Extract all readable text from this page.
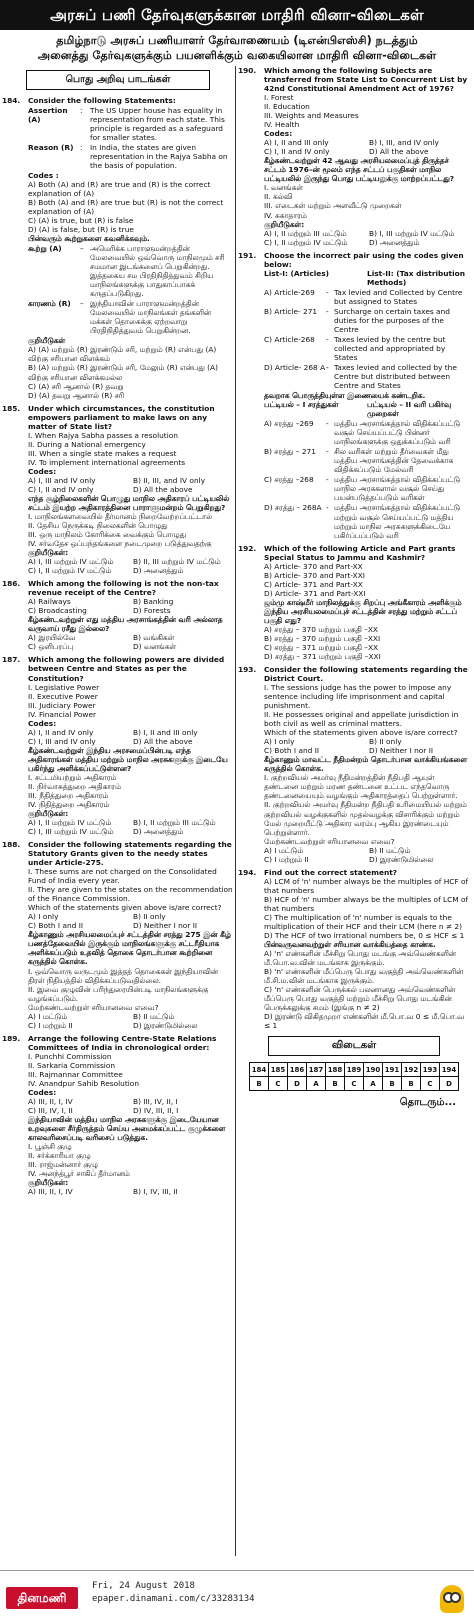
அரசுப் பணி தேர்வுகளுக்கான மாதிரி வினா-விடைகள்
தமிழ்நாடு அரசுப் பணியாளர் தேர்வாணையம் (டிஎன்பிஎஸ்சி) நடத்தும்
அனைத்து தேர்வுகளுக்கும் பயனளிக்கும் வகையிலான மாதிரி வினா-விடைகள்
பொது அறிவு பாடங்கள்
184.	Consider the following Statements:
Assertion (A)
:	The US Upper house has equality in representation from each state. This principle is regarded as a safeguard for smaller states.
Reason (R) :	In India, the states are given representation in the Rajya Sabha on the basis of population.
Codes :
A) Both (A) and (R) are true and (R) is the correct explanation of (A)
B) Both (A) and (R) are true but (R) is not the correct explanation of (A)
C) (A) is true, but (R) is false
D) (A) is false, but (R) is true
பின்வரும் கூற்றுகளை கவனிக்கவும்.
கூற்று (A)	– அமெரிக்க பாராளுமன்றத்தின் மேலவையில் ஒவ்வொரு மாநிலமும் சரி சமமான இடங்களைப் பெறுகின்றது. இத்தகைய சம பிரதிநிதித்துவம் சிறிய மாநிலங்களுக்கு பாதுகாப்பாகக் கருதப்படுகிறது.
காரணம் (R)	– இந்தியாவின் பாராளுமன்றத்தின் மேலவையில் மாநிலங்கள் தங்களின் மக்கள் தொகைக்கு ஏற்றவாறு பிரதிநிதித்துவம் பெறுகின்றன.
குறியீடுகள்
A) (A) மற்றும் (R) இரண்டும் சரி, மற்றும் (R) என்பது (A) விற்கு சரியான விளக்கம்
B) (A) மற்றும் (R) இரண்டும் சரி, மேலும் (R) என்பது (A) விற்கு சரியான விளக்கமல்ல
C) (A) சரி ஆனால் (R) தவறு
D) (A) தவறு ஆனால் (R) சரி
185.	Under which circumstances, the constitution empowers parliament to make laws on any matter of State list?
I. When Rajya Sabha passes a resolution
II. During a National emergency
III. When a single state makes a request
IV. To implement international agreements
Codes:
A) I, III and IV only	B) II, III, and IV only
C) I, II and IV only	D) All the above
எந்த சூழ்நிலைகளின் பொழுது மாநில அதிகாரப் பட்டியலில் சட்டம் இயற்ற அதிகாரத்தினை பாராளுமன்றம் பெறுகிறது?
I. மாநிலங்களவையில் தீர்மானம் நிறைவேற்றப்பட்டால்
II. தேசிய நெருக்கடி நிலைகளின் பொழுது
III. ஒரு மாநிலம் கோரிக்கை வைக்கும் பொழுது
IV. சர்வதேச ஒப்பந்தங்களை நடைமுறை படுத்துவதற்கு
குறியீடுகள்:
A) I, III மற்றும் IV மட்டும்	B) II, III மற்றும் IV மட்டும்
C) I, II மற்றும் IV மட்டும்	D) அனைத்தும்
186.	Which among the following is not the non-tax revenue receipt of the Centre?
A) Railways	B) Banking
C) Broadcasting	D) Forests
கீழ்கண்டவற்றுள் எது மத்திய அரசாங்கத்தின் வரி அல்லாத வருவாய் ரசீது இல்லை?
A) இரயில்வே	B) வங்கிகள்
C) ஒளிபரப்பு	D) வனங்கள்
187.	Which among the following powers are divided between Centre and States as per the Constitution?
I. Legislative Power
II. Executive Power
III. Judiciary Power
IV. Financial Power
Codes:
A) I, II and IV only	B) I, II and III only
C) I, III and IV only	D) All the above
கீழ்கண்டவற்றுள் இந்திய அரசமைப்பின்படி எந்த அதிகாரங்கள் மத்திய மற்றும் மாநில அரசுகளுக்கு இடையே பகிர்ந்து அளிக்கப்பட்டுள்ளன?
I. சட்டமியற்றும் அதிகாரம்
II. நிர்வாகத்துறை அதிகாரம்
III. நீதித்துறை அதிகாரம்
IV. நிதித்துறை அதிகாரம்
குறியீடுகள்:
A) I, II மற்றும் IV மட்டும்	B) I, II மற்றும் III மட்டும்
C) I, III மற்றும் IV மட்டும்	D) அனைத்தும்
188.	Consider the following statements regarding the Statutory Grants given to the needy states under Article-275.
I. These sums are not charged on the Consolidated Fund of India every year.
II. They are given to the states on the recommendation of the Finance Commission.
Which of the statements given above is/are correct?
A) I only	B) II only
C) Both I and II	D) Neither I nor II
கீழ்காணும் அரசியலமைப்புச் சட்டத்தின் சரத்து 275 இன் கீழ் பணத்தேவையில் இருக்கும் மாநிலங்களுக்கு சட்டரீதியாக அளிக்கப்படும் உதவித் தொகை தொடர்பான கூற்றினை கருத்தில் கொள்க.
I. ஒவ்வொரு வருடமும் இத்தத் தொகைகள் இந்தியாவின் திரள் நிதியத்தில் விதிக்கப்படுவதில்லை.
II. இவை குழுவின் பரிந்துரையின்படி மாநிலங்களுக்கு வழங்கப்படும்.
மேற்கண்டவற்றுள் சரியானவை எவை?
A) I மட்டும்	B) II மட்டும்
C) I மற்றும் II	D) இரண்டுமில்லை
189.	Arrange the following Centre-State Relations Committees of India in chronological order:
I. Punchhi Commission
II. Sarkaria Commission
III. Rajmannar Committee
IV. Anandpur Sahib Resolution
Codes:
A) III, II, I, IV	B) III, IV, II, I
C) III, IV, I, II	D) IV, III, II, I
இந்தியாவின் மத்திய மாநில அரசுகளுக்கு இடையேயான உறவுகளை சீர்திருத்தம் செய்ய அமைக்கப்பட்ட குழுக்களை காலவரிசைப்படி வரிசைப் படுத்துக.
I. பூஞ்சி குழு
II. சர்க்காரியா குழு
III. ராஜ்மன்னார் குழு
IV. அனந்த்பூர் சாகிப் தீர்மானம்
குறியீடுகள்:
A) III, II, I, IV	B) I, IV, III, II
190.	Which among the following Subjects are transferred from State List to Concurrent List by 42nd Constitutional Amendment Act of 1976?
I. Forest
II. Education
III. Weights and Measures
IV. Health
Codes:
A) I, II and III only	B) I, III, and IV only
C) I, II and IV only	D) All the above
கீழ்கண்டவற்றுள் 42 ஆவது அரசியலமைப்புத் திருத்தச் சட்டம் 1976–ன் மூலம் எந்த சட்டப் பகுதிகள் மாநில பட்டியலில் இருந்து பொது பட்டியலுக்கு மாற்றப்பட்டது?
I. வனங்கள்
II. கல்வி
III. எடைகள் மற்றும் அளவீட்டு முறைகள்
IV. சுகாதாரம்
குறியீடுகள்:
A) I, II மற்றும் III மட்டும்	B) I, III மற்றும் IV மட்டும்
C) I, II மற்றும் IV மட்டும்	D) அனைத்தும்
191.	Choose the incorrect pair using the codes given below:
List-I: (Articles)	List-II: (Tax distribution Methods)
A) Article-269	- Tax levied and Collected by Centre but assigned to States
B) Article- 271	- Surcharge on certain taxes and duties for the purposes of the Centre
C) Article-268	- Taxes levied by the centre but collected and appropriated by States
D) Article- 268 A - Taxes levied and collected by the Centre but distributed between Centre and States
தவறாக பொருத்தியுள்ள இணையைக் கண்டறிக.
பட்டியல் – I சரத்துகள்	பட்டியல் – II வரி பகிர்வு முறைகள்
A) சரத்து –269	- மத்திய அரசாங்கத்தால் விதிக்கப்பட்டு வசூல் செய்யப்பட்டு பின்னர் மாநிலங்களுக்கு ஒதுக்கப்படும் வரி
B) சரத்து – 271	- சில வரிகள் மற்றும் தீர்வைகள் மீது மத்திய அரசாங்கத்தின் தேவைக்காக விதிக்கப்படும் மேல்வரி
C) சரத்து –268	- மத்திய அரசாங்கத்தால் விதிக்கப்பட்டு மாநில அரசுகளால் வசூல் செய்து பயன்படுத்தப்படும் வரிகள்
D) சரத்து – 268A - மத்திய அரசாங்கத்தால் விதிக்கப்பட்டு மற்றும் வசூல் செய்யப்பட்டு மத்திய மற்றும் மாநில அரசுகளுக்கிடையே பகிர்ப்பப்படும் வரி
192.	Which of the following Article and Part grants Special Status to Jammu and Kashmir?
A) Article- 370 and Part-XX
B) Article- 370 and Part-XXI
C) Article- 371 and Part-XX
D) Article- 371 and Part-XXI
ஜம்மு காஷ்மீர் மாநிலத்துக்கு சிறப்பு அங்கீகாரம் அளிக்கும் இந்திய அரசியலமைப்புச் சட்டத்தின் சரத்து மற்றும் சட்டப் பகுதி எது?
A) சரத்து – 370 மற்றும் பகுதி –XX
B) சரத்து – 370 மற்றும் பகுதி –XXI
C) சரத்து – 371 மற்றும் பகுதி –XX
D) சரத்து – 371 மற்றும் பகுதி –XXI
193.	Consider the following statements regarding the District Court.
I. The sessions judge has the power to impose any sentence including life imprisonment and capital punishment.
II. He possesses original and appellate jurisdiction in both civil as well as criminal matters.
Which of the statements given above is/are correct?
A) I only	B) II only
C) Both I and II	D) Neither I nor II
கீழ்காணும் மாவட்ட நீதிமன்றம் தொடர்பான வாக்கியங்களை கருத்தில் கொள்க.
I. குற்றவியல் அமர்வு நீதிமன்றத்தின் நீதிபதி ஆயுள் தண்டனை மற்றும் மரண தண்டனை உட்பட எந்தவொரு தண்டனையையும் வழங்கும் அதிகாரத்தைப் பெற்றுள்ளார்.
II. குற்றவியல் அமர்வு நீதிமன்ற நீதிபதி உரிமையியல் மற்றும் குற்றவியல் வழக்குகளில் முதல்வழக்கு விசாரிக்கும் மற்றும் மேல் முறையீட்டு அதிகார வரம்பு ஆகிய இரண்டையும் பெற்றுள்ளார்.
மேற்கண்டவற்றுள் சரியானவை எவை?
A) I மட்டும்	B) II மட்டும்
C) I மற்றும் II	D) இரண்டுமில்லை
194.	Find out the correct statement?
A) LCM of 'n' number always be the multiples of HCF of that numbers
B) HCF of 'n' number always be the multiples of LCM of that numbers
C) The multiplication of 'n' number is equals to the multiplication of their HCF and their LCM (here n ≠ 2)
D) The HCF of two irrational numbers be, 0 ≤ HCF ≤ 1
பின்வருவனவற்றுள் சரியான வாக்கியத்தை காண்க.
A) 'n' எண்களின் மீச்சிறு பொது மடங்கு அவ்வெண்களின் மீ.பொ.வ.வின் மடங்காக இருக்கும்.
B) 'n' எண்களின் மீப்பெரு பொது வகுத்தி அவ்வெண்களின் மீ.சி.ம.வின் மடங்காக இருக்கும்.
C) 'n' எண்களின் பெருக்கல் பலனானது அவ்வெண்களின் மீப்பெரு பொது வகுத்தி மற்றும் மீச்சிறு பொது மடங்கின் பெருக்கலுக்கு சமம் (இங்கு n ≠ 2)
D) இரண்டு விகிதமுறா எண்களின் மீ.பொ.வ 0 ≤ மீ.பொ.வ ≤ 1
விடைகள்
184	185	186	187	188	189	190	191	192	193	194
B	C	D	A	B	C	A	B	B	C	D
தொடரும்...
தினமணி
Fri, 24 August 2018
epaper.dinamani.com/c/33283134
